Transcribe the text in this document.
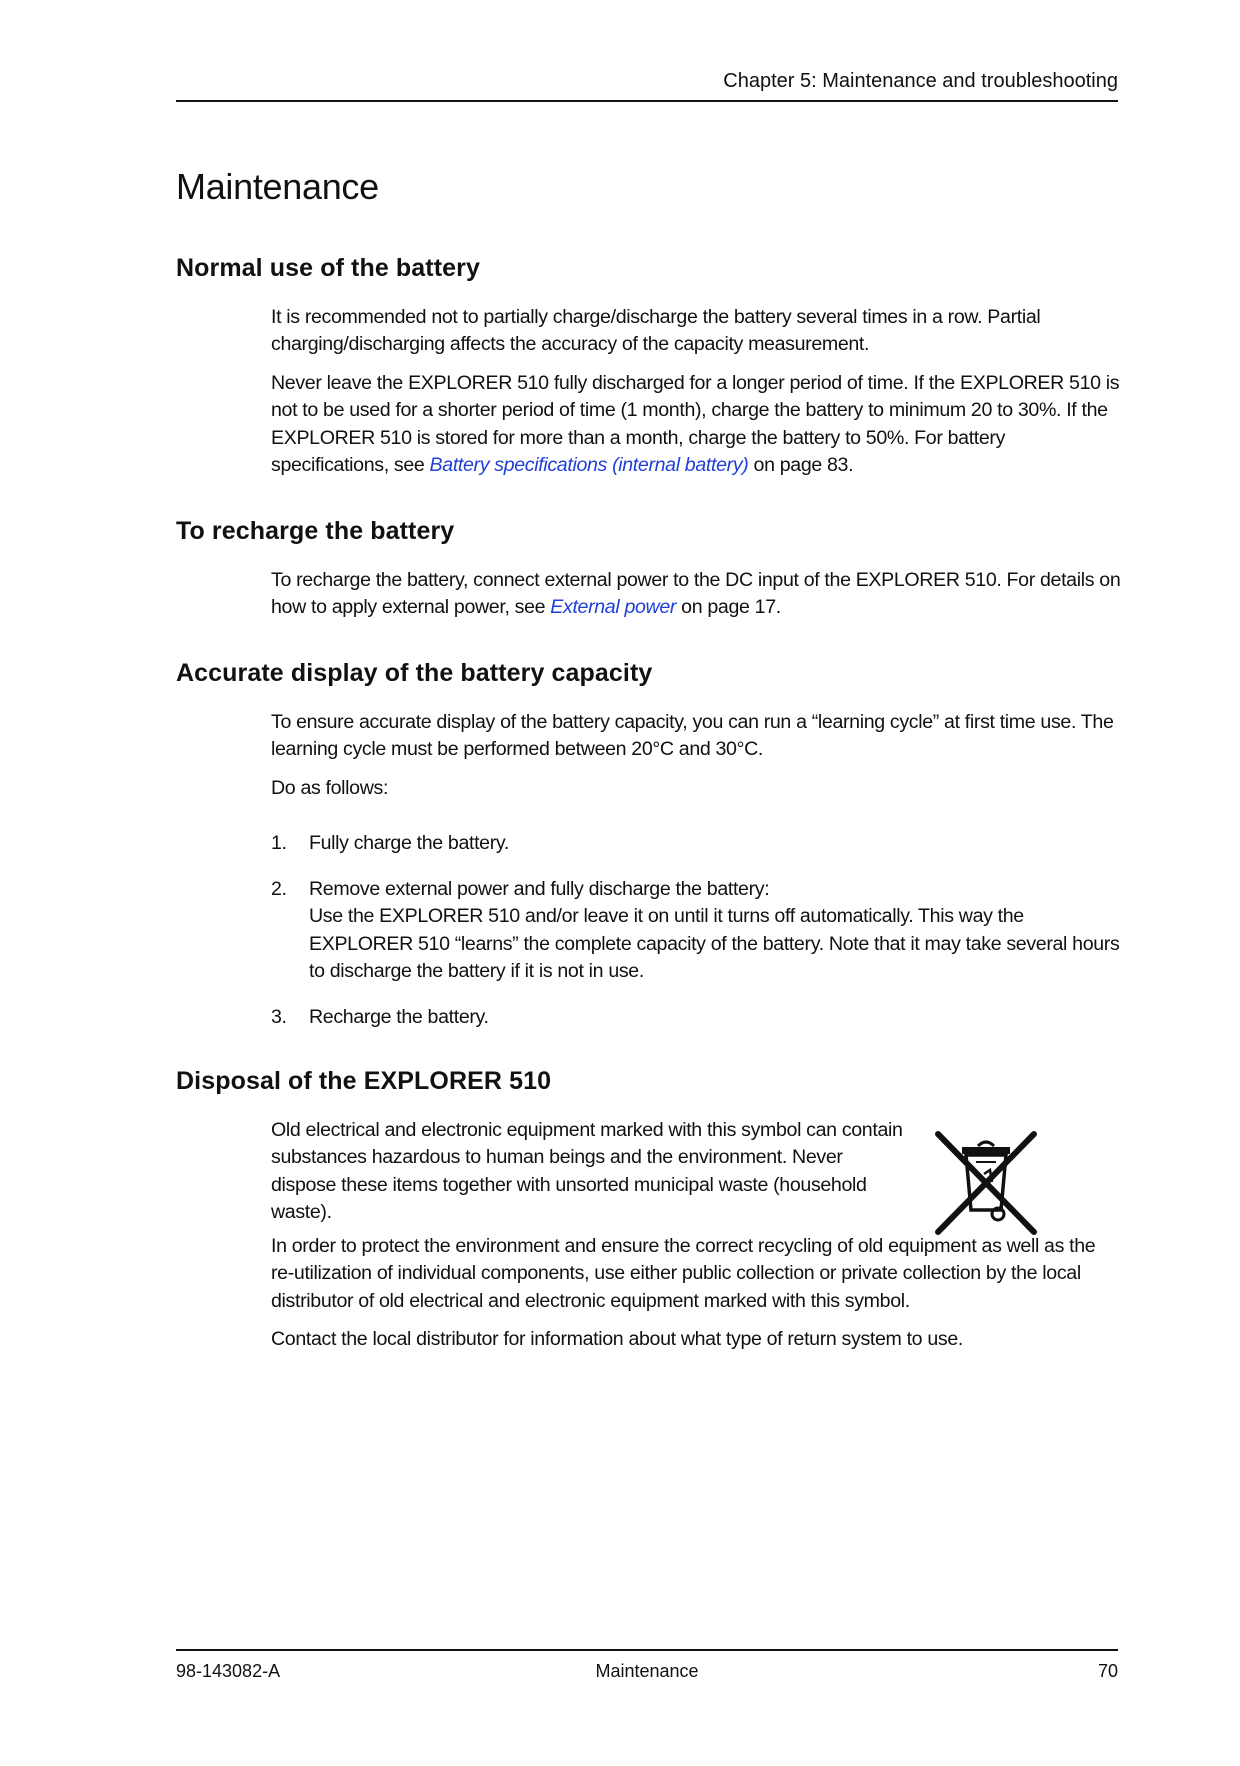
Chapter 5: Maintenance and troubleshooting
Maintenance
Normal use of the battery

It is recommended not to partially charge/discharge the battery several times in a row. Partial charging/discharging affects the accuracy of the capacity measurement.

Never leave the EXPLORER 510 fully discharged for a longer period of time. If the EXPLORER 510 is not to be used for a shorter period of time (1 month), charge the battery to minimum 20 to 30%. If the EXPLORER 510 is stored for more than a month, charge the battery to 50%. For battery specifications, see Battery specifications (internal battery) on page 83.

To recharge the battery

To recharge the battery, connect external power to the DC input of the EXPLORER 510. For details on how to apply external power, see External power on page 17.

Accurate display of the battery capacity

To ensure accurate display of the battery capacity, you can run a “learning cycle” at first time use. The learning cycle must be performed between 20°C and 30°C.

Do as follows:

1. Fully charge the battery.
2. Remove external power and fully discharge the battery:
Use the EXPLORER 510 and/or leave it on until it turns off automatically. This way the EXPLORER 510 “learns” the complete capacity of the battery. Note that it may take several hours to discharge the battery if it is not in use.
3. Recharge the battery.
Disposal of the EXPLORER 510

Old electrical and electronic equipment marked with this symbol can contain substances hazardous to human beings and the environment. Never dispose these items together with unsorted municipal waste (household waste).

In order to protect the environment and ensure the correct recycling of old equipment as well as the re-utilization of individual components, use either public collection or private collection by the local distributor of old electrical and electronic equipment marked with this symbol.

Contact the local distributor for information about what type of return system to use.

98-143082-A	Maintenance	70
